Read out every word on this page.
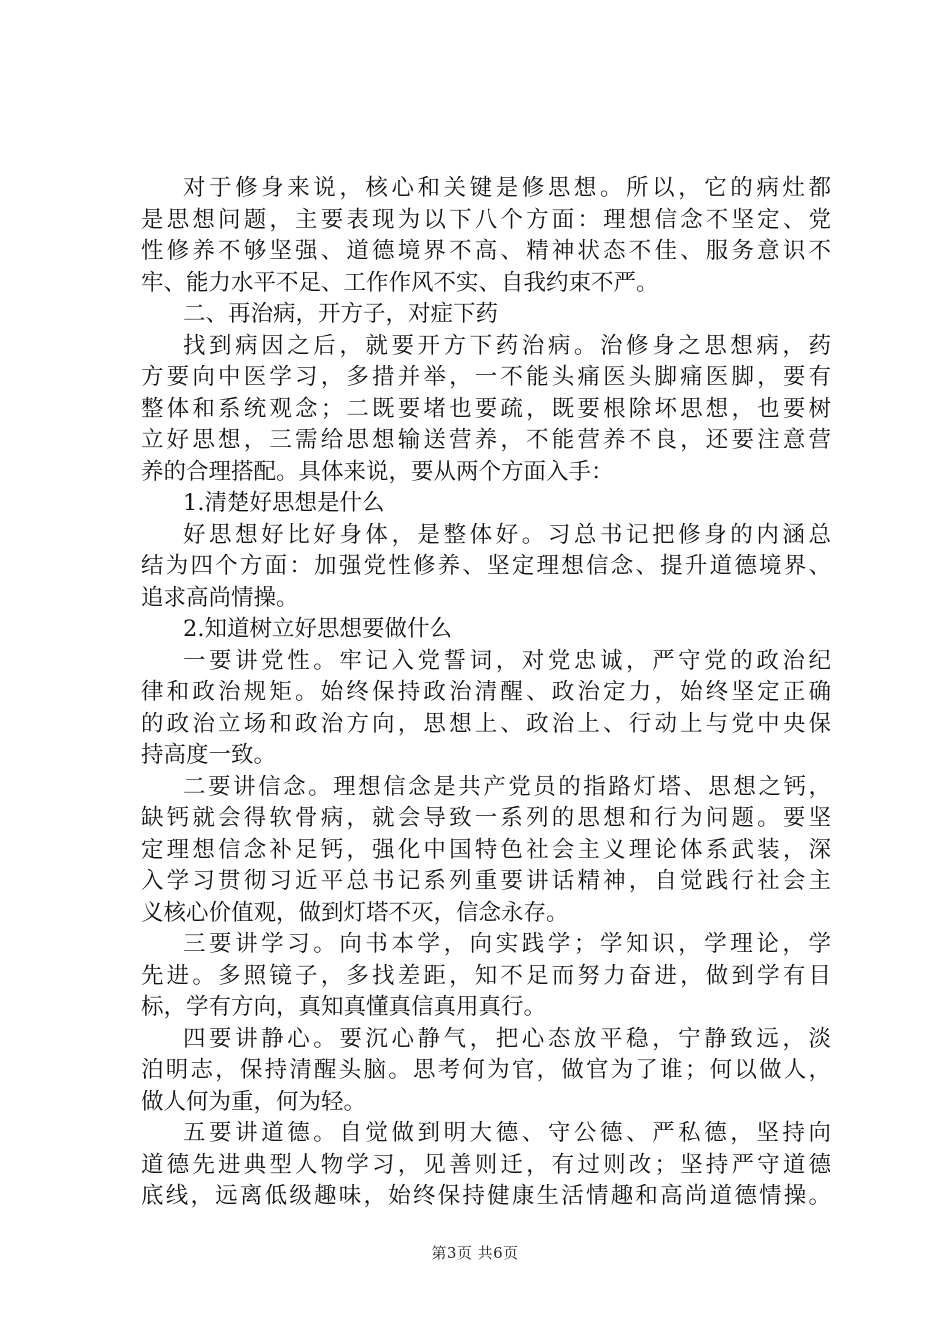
对于修身来说，核心和关键是修思想。所以，它的病灶都
是思想问题，主要表现为以下八个方面：理想信念不坚定、党
性修养不够坚强、道德境界不高、精神状态不佳、服务意识不
牢、能力水平不足、工作作风不实、自我约束不严。
二、再治病，开方子，对症下药
找到病因之后，就要开方下药治病。治修身之思想病，药
方要向中医学习，多措并举，一不能头痛医头脚痛医脚，要有
整体和系统观念；二既要堵也要疏，既要根除坏思想，也要树
立好思想，三需给思想输送营养，不能营养不良，还要注意营
养的合理搭配。具体来说，要从两个方面入手：
1.清楚好思想是什么
好思想好比好身体，是整体好。习总书记把修身的内涵总
结为四个方面：加强党性修养、坚定理想信念、提升道德境界、
追求高尚情操。
2.知道树立好思想要做什么
一要讲党性。牢记入党誓词，对党忠诚，严守党的政治纪
律和政治规矩。始终保持政治清醒、政治定力，始终坚定正确
的政治立场和政治方向，思想上、政治上、行动上与党中央保
持高度一致。
二要讲信念。理想信念是共产党员的指路灯塔、思想之钙，
缺钙就会得软骨病，就会导致一系列的思想和行为问题。要坚
定理想信念补足钙，强化中国特色社会主义理论体系武装，深
入学习贯彻习近平总书记系列重要讲话精神，自觉践行社会主
义核心价值观，做到灯塔不灭，信念永存。
三要讲学习。向书本学，向实践学；学知识，学理论，学
先进。多照镜子，多找差距，知不足而努力奋进，做到学有目
标，学有方向，真知真懂真信真用真行。
四要讲静心。要沉心静气，把心态放平稳，宁静致远，淡
泊明志，保持清醒头脑。思考何为官，做官为了谁；何以做人，
做人何为重，何为轻。
五要讲道德。自觉做到明大德、守公德、严私德，坚持向
道德先进典型人物学习，见善则迁，有过则改；坚持严守道德
底线，远离低级趣味，始终保持健康生活情趣和高尚道德情操。
第3页 共6页
